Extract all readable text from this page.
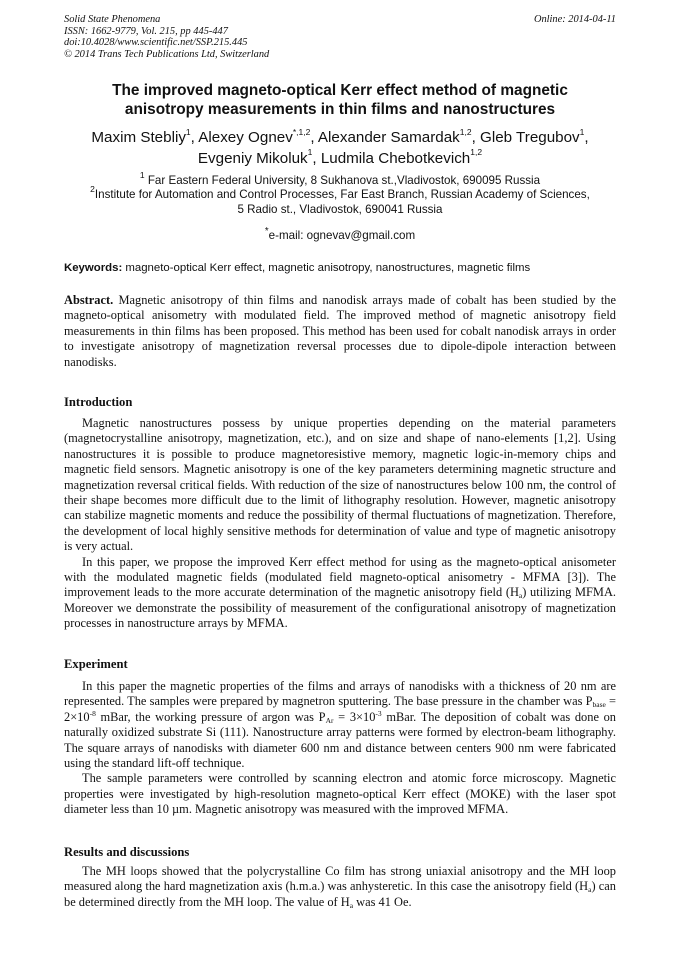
Solid State Phenomena	Online: 2014-04-11
ISSN: 1662-9779, Vol. 215, pp 445-447
doi:10.4028/www.scientific.net/SSP.215.445
© 2014 Trans Tech Publications Ltd, Switzerland
The improved magneto-optical Kerr effect method of magnetic
anisotropy measurements in thin films and nanostructures
Maxim Stebliy$^1$, Alexey Ognev$^{*,1,2}$, Alexander Samardak$^{1,2}$, Gleb Tregubov$^1$,
Evgeniy Mikoluk$^1$, Ludmila Chebotkevich$^{1,2}$
$^1$ Far Eastern Federal University, 8 Sukhanova st.,Vladivostok, 690095 Russia
$^2$Institute for Automation and Control Processes, Far East Branch, Russian Academy of Sciences,
5 Radio st., Vladivostok, 690041 Russia
*e-mail: ognevav@gmail.com
Keywords: magneto-optical Kerr effect, magnetic anisotropy, nanostructures, magnetic films

Abstract. Magnetic anisotropy of thin films and nanodisk arrays made of cobalt has been studied by the magneto-optical anisometry with modulated field. The improved method of magnetic anisotropy field measurements in thin films has been proposed. This method has been used for cobalt nanodisk arrays in order to investigate anisotropy of magnetization reversal processes due to dipole-dipole interaction between nanodisks.

Introduction

Magnetic nanostructures possess by unique properties depending on the material parameters (magnetocrystalline anisotropy, magnetization, etc.), and on size and shape of nano-elements [1,2]. Using nanostructures it is possible to produce magnetoresistive memory, magnetic logic-in-memory chips and magnetic field sensors. Magnetic anisotropy is one of the key parameters determining magnetic structure and magnetization reversal critical fields. With reduction of the size of nanostructures below 100 nm, the control of their shape becomes more difficult due to the limit of lithography resolution. However, magnetic anisotropy can stabilize magnetic moments and reduce the possibility of thermal fluctuations of magnetization. Therefore, the development of local highly sensitive methods for determination of value and type of magnetic anisotropy is very actual.

In this paper, we propose the improved Kerr effect method for using as the magneto-optical anisometer with the modulated magnetic fields (modulated field magneto-optical anisometry - MFMA [3]). The improvement leads to the more accurate determination of the magnetic anisotropy field $(H_a)$ utilizing MFMA. Moreover we demonstrate the possibility of measurement of the configurational anisotropy of magnetization processes in nanostructure arrays by MFMA.

Experiment

In this paper the magnetic properties of the films and arrays of nanodisks with a thickness of 20 nm are represented. The samples were prepared by magnetron sputtering. The base pressure in the chamber was $P_{base} = 2\times 10^{-8}$ mBar, the working pressure of argon was $P_{Ar} = 3\times 10^{-3}$ mBar. The deposition of cobalt was done on naturally oxidized substrate Si (111). Nanostructure array patterns were formed by electron-beam lithography. The square arrays of nanodisks with diameter 600 nm and distance between centers 900 nm were fabricated using the standard lift-off technique.

The sample parameters were controlled by scanning electron and atomic force microscopy. Magnetic properties were investigated by high-resolution magneto-optical Kerr effect (MOKE) with the laser spot diameter less than 10 µm. Magnetic anisotropy was measured with the improved MFMA.

Results and discussions

The MH loops showed that the polycrystalline Co film has strong uniaxial anisotropy and the MH loop measured along the hard magnetization axis (h.m.a.) was anhysteretic. In this case the anisotropy field $(H_a)$ can be determined directly from the MH loop. The value of $H_a$ was 41 Oe.
